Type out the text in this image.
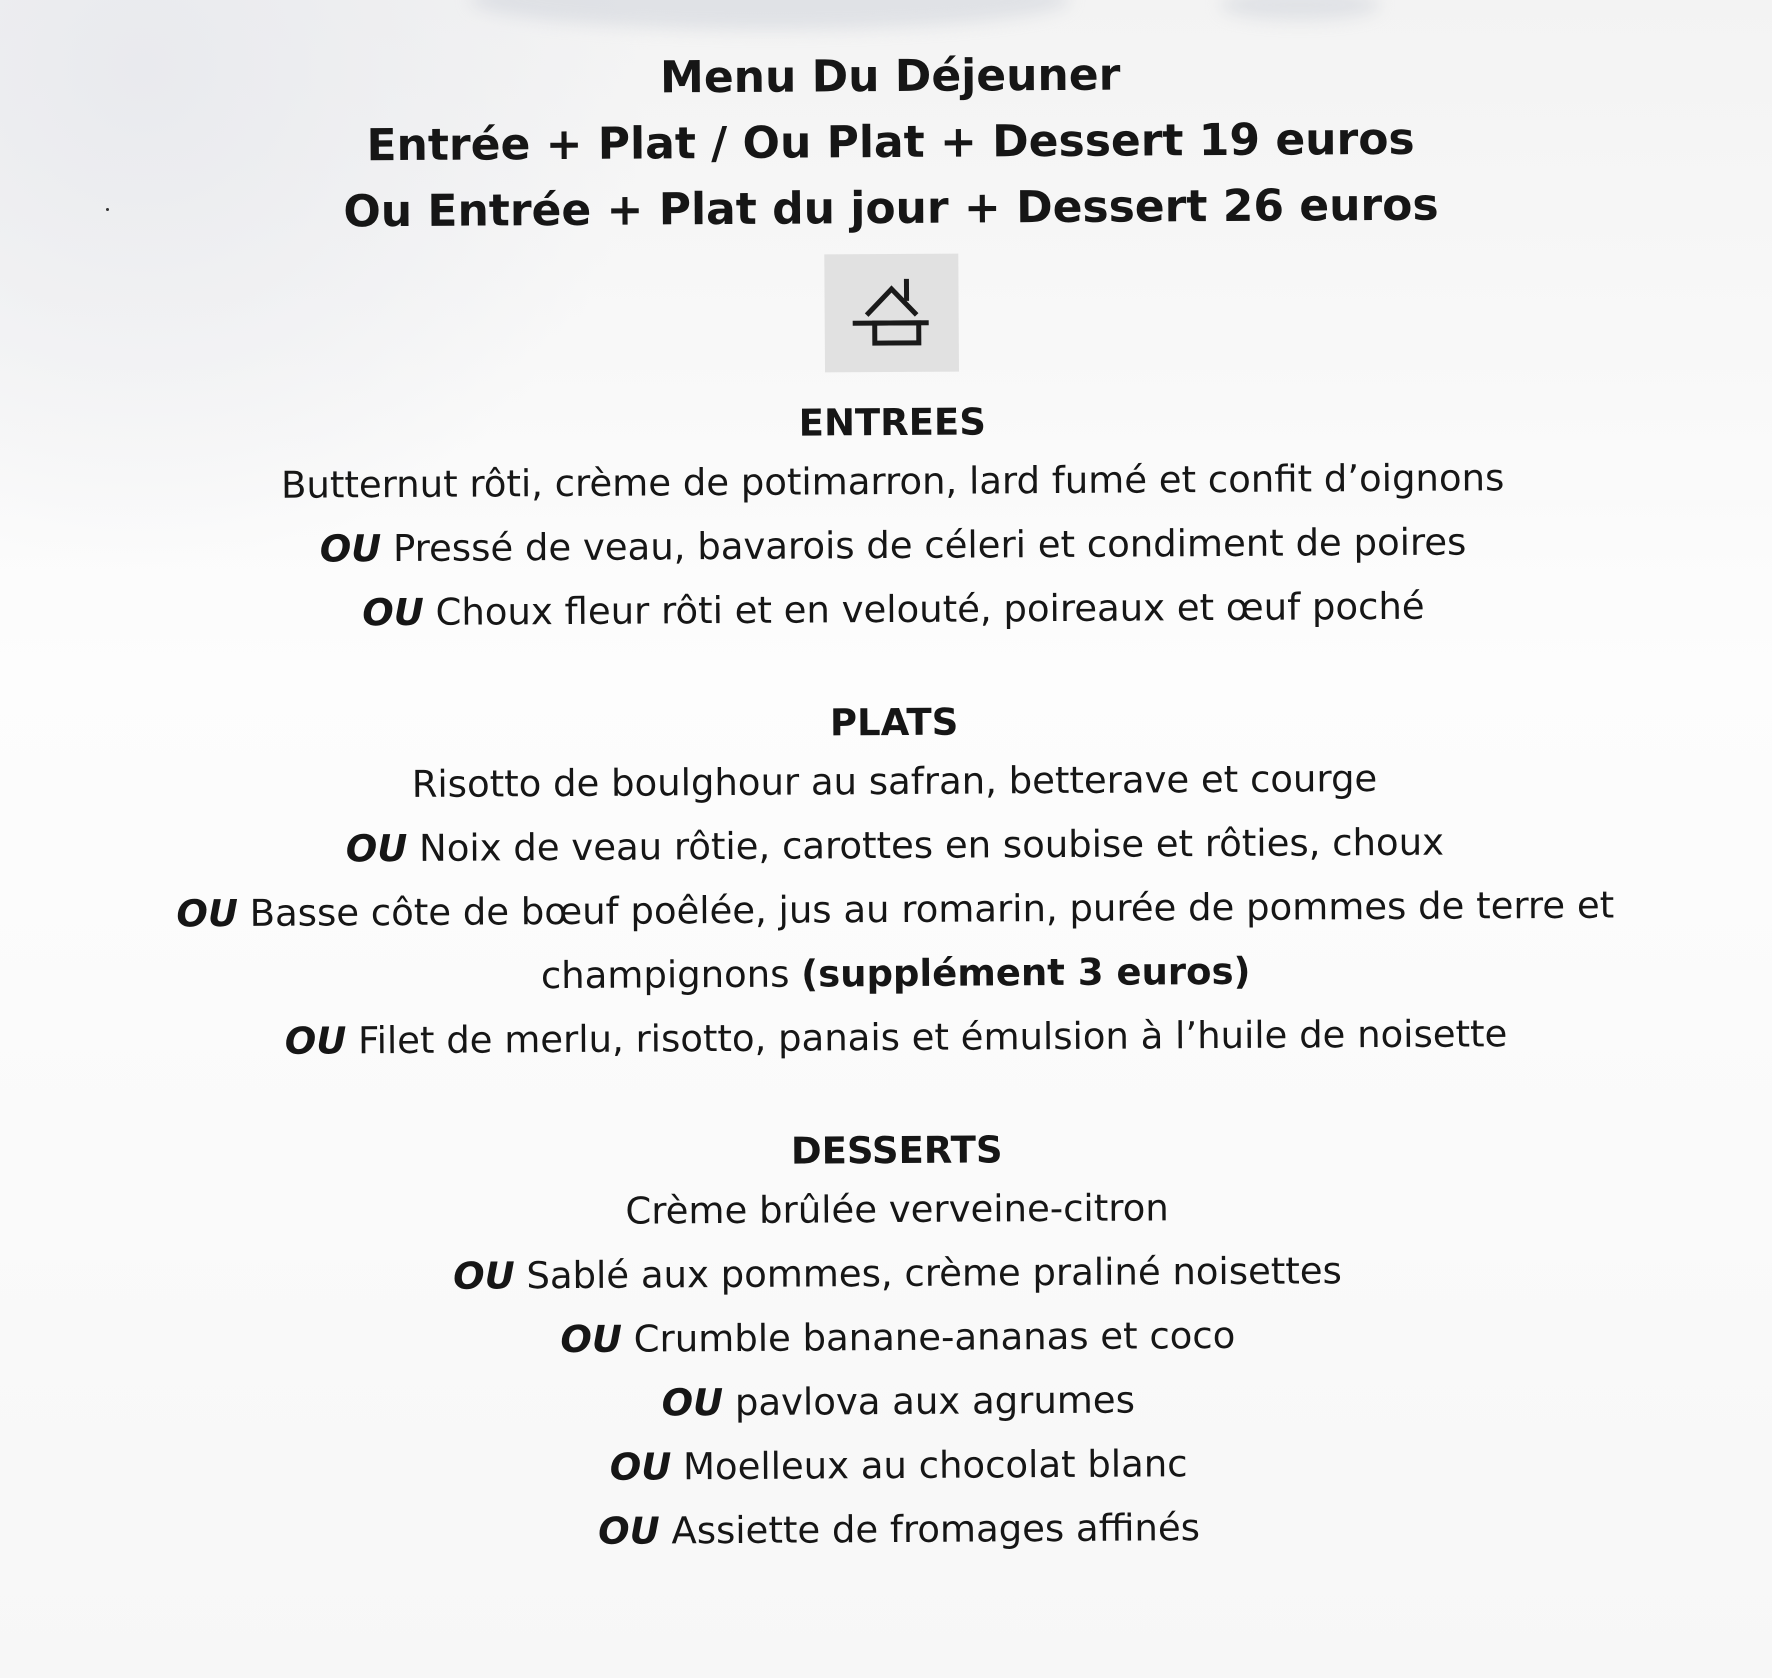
Menu Du Déjeuner

Entrée + Plat / Ou Plat + Dessert 19 euros

Ou Entrée + Plat du jour + Dessert 26 euros

ENTREES

Butternut rôti, crème de potimarron, lard fumé et confit d’oignons

OU Pressé de veau, bavarois de céleri et condiment de poires

OU Choux fleur rôti et en velouté, poireaux et œuf poché

PLATS

Risotto de boulghour au safran, betterave et courge

OU Noix de veau rôtie, carottes en soubise et rôties, choux

OU Basse côte de bœuf poêlée, jus au romarin, purée de pommes de terre et

champignons (supplément 3 euros)

OU Filet de merlu, risotto, panais et émulsion à l’huile de noisette

DESSERTS

Crème brûlée verveine-citron

OU Sablé aux pommes, crème praliné noisettes

OU Crumble banane-ananas et coco

OU pavlova aux agrumes

OU Moelleux au chocolat blanc

OU Assiette de fromages affinés
